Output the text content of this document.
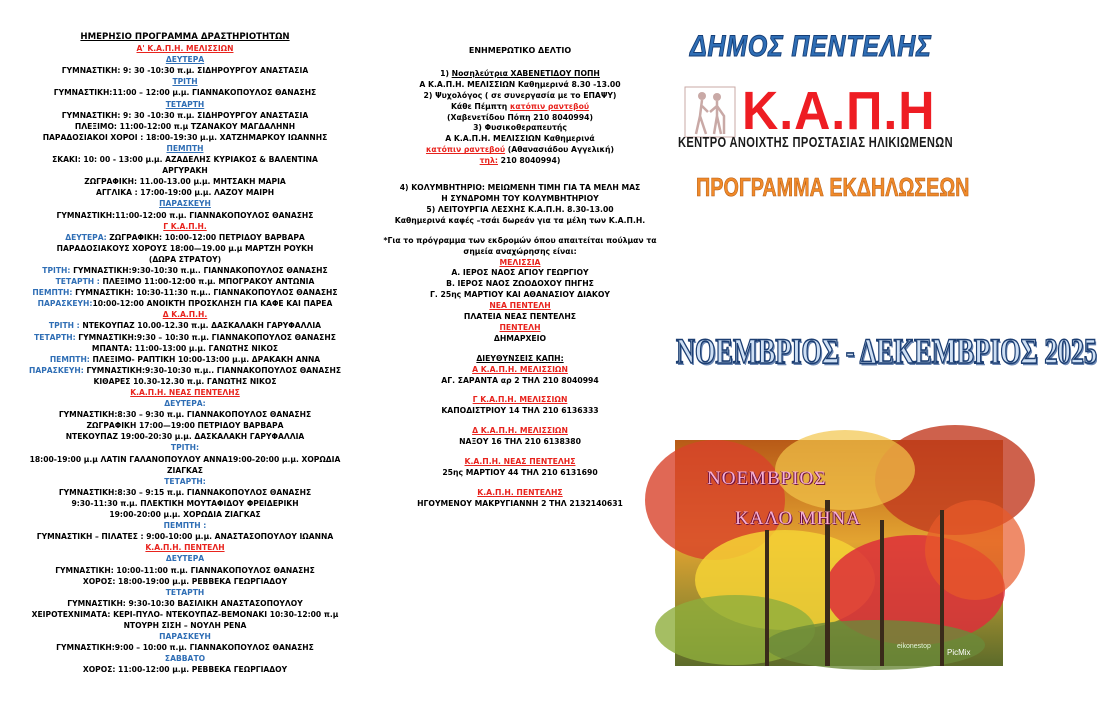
ΗΜΕΡΗΣΙΟ ΠΡΟΓΡΑΜΜΑ ΔΡΑΣΤΗΡΙΟΤΗΤΩΝ
Α' Κ.Α.Π.Η. ΜΕΛΙΣΣΙΩΝ
ΔΕΥΤΕΡΑ
ΓΥΜΝΑΣΤΙΚΗ: 9: 30 -10:30 π.μ. ΣΙΔΗΡΟΥΡΓΟΥ ΑΝΑΣΤΑΣΙΑ
ΤΡΙΤΗ
ΓΥΜΝΑΣΤΙΚΗ:11:00 – 12:00 μ.μ. ΓΙΑΝΝΑΚΟΠΟΥΛΟΣ ΘΑΝΑΣΗΣ
ΤΕΤΑΡΤΗ
ΓΥΜΝΑΣΤΙΚΗ: 9: 30 -10:30 π.μ. ΣΙΔΗΡΟΥΡΓΟΥ ΑΝΑΣΤΑΣΙΑ
ΠΛΕΞΙΜΟ: 11:00-12:00 π.μ ΤΖΑΝΑΚΟΥ ΜΑΓΔΑΛΗΝΗ
ΠΑΡΑΔΟΣΙΑΚΟΙ ΧΟΡΟΙ : 18:00-19:30 μ.μ. ΧΑΤΖΗΜΑΡΚΟΥ ΙΩΑΝΝΗΣ
ΠΕΜΠΤΗ
ΣΚΑΚΙ: 10: 00 - 13:00 μ.μ. ΑΖΑΔΕΛΗΣ ΚΥΡΙΑΚΟΣ & ΒΑΛΕΝΤΙΝΑ
ΑΡΓΥΡΑΚΗ
ΖΩΓΡΑΦΙΚΗ: 11.00-13.00 μ.μ. ΜΗΤΣΑΚΗ ΜΑΡΙΑ
ΑΓΓΛΙΚΑ : 17:00-19:00 μ.μ. ΛΑΖΟΥ ΜΑΙΡΗ
ΠΑΡΑΣΚΕΥΗ
ΓΥΜΝΑΣΤΙΚΗ:11:00-12:00 π.μ. ΓΙΑΝΝΑΚΟΠΟΥΛΟΣ ΘΑΝΑΣΗΣ
Γ Κ.Α.Π.Η.
ΔΕΥΤΕΡΑ: ΖΩΓΡΑΦΙΚΗ: 10:00-12:00 ΠΕΤΡΙΔΟΥ ΒΑΡΒΑΡΑ
ΠΑΡΑΔΟΣΙΑΚΟΥΣ ΧΟΡΟΥΣ 18:00—19.00 μ.μ ΜΑΡΤΖΗ ΡΟΥΚΗ
(ΔΩΡΑ ΣΤΡΑΤΟΥ)
ΤΡΙΤΗ: ΓΥΜΝΑΣΤΙΚΗ:9:30-10:30 π.μ.. ΓΙΑΝΝΑΚΟΠΟΥΛΟΣ ΘΑΝΑΣΗΣ
ΤΕΤΑΡΤΗ : ΠΛΕΞΙΜΟ 11:00-12:00 π.μ. ΜΠΟΓΡΑΚΟΥ ΑΝΤΩΝΙΑ
ΠΕΜΠΤΗ: ΓΥΜΝΑΣΤΙΚΗ: 10:30-11:30 π.μ.. ΓΙΑΝΝΑΚΟΠΟΥΛΟΣ ΘΑΝΑΣΗΣ
ΠΑΡΑΣΚΕΥΗ:10:00-12:00 ΑΝΟΙΚΤΗ ΠΡΟΣΚΛΗΣΗ ΓΙΑ ΚΑΦΕ ΚΑΙ ΠΑΡΕΑ
Δ Κ.Α.Π.Η.
ΤΡΙΤΗ : ΝΤΕΚΟΥΠΑΖ 10.00-12.30 π.μ. ΔΑΣΚΑΛΑΚΗ ΓΑΡΥΦΑΛΛΙΑ
ΤΕΤΑΡΤΗ: ΓΥΜΝΑΣΤΙΚΗ:9:30 – 10:30 π.μ. ΓΙΑΝΝΑΚΟΠΟΥΛΟΣ ΘΑΝΑΣΗΣ
ΜΠΑΝΤΑ: 11:00-13:00 μ.μ. ΓΑΝΩΤΗΣ ΝΙΚΟΣ
ΠΕΜΠΤΗ: ΠΛΕΞΙΜΟ- ΡΑΠΤΙΚΗ 10:00-13:00 μ.μ. ΔΡΑΚΑΚΗ ΑΝΝΑ
ΠΑΡΑΣΚΕΥΗ: ΓΥΜΝΑΣΤΙΚΗ:9:30-10:30 π.μ.. ΓΙΑΝΝΑΚΟΠΟΥΛΟΣ ΘΑΝΑΣΗΣ
ΚΙΘΑΡΕΣ 10.30-12.30 π.μ. ΓΑΝΩΤΗΣ ΝΙΚΟΣ
Κ.Α.Π.Η. ΝΕΑΣ ΠΕΝΤΕΛΗΣ
ΔΕΥΤΕΡΑ:
ΓΥΜΝΑΣΤΙΚΗ:8:30 – 9:30 π.μ. ΓΙΑΝΝΑΚΟΠΟΥΛΟΣ ΘΑΝΑΣΗΣ
ΖΩΓΡΑΦΙΚΗ 17:00—19:00 ΠΕΤΡΙΔΟΥ ΒΑΡΒΑΡΑ
ΝΤΕΚΟΥΠΑΖ 19:00-20:30 μ.μ. ΔΑΣΚΑΛΑΚΗ ΓΑΡΥΦΑΛΛΙΑ
ΤΡΙΤΗ:
18:00-19:00 μ.μ ΛΑΤΙΝ ΓΑΛΑΝΟΠΟΥΛΟΥ ΑΝΝΑ19:00-20:00 μ.μ. ΧΟΡΩΔΙΑ
ΖΙΑΓΚΑΣ
ΤΕΤΑΡΤΗ:
ΓΥΜΝΑΣΤΙΚΗ:8:30 – 9:15 π.μ. ΓΙΑΝΝΑΚΟΠΟΥΛΟΣ ΘΑΝΑΣΗΣ
9:30-11:30 π.μ. ΠΛΕΚΤΙΚΗ ΜΟΥΤΑΦΙΔΟΥ ΦΡΕΙΔΕΡΙΚΗ
19:00-20:00 μ.μ. ΧΟΡΩΔΙΑ ΖΙΑΓΚΑΣ
ΠΕΜΠΤΗ :
ΓΥΜΝΑΣΤΙΚΗ – ΠΙΛΑΤΕΣ : 9:00-10:00 μ.μ. ΑΝΑΣΤΑΣΟΠΟΥΛΟΥ ΙΩΑΝΝΑ
Κ.Α.Π.Η. ΠΕΝΤΕΛΗ
ΔΕΥΤΕΡΑ
ΓΥΜΝΑΣΤΙΚΗ: 10:00-11:00 π.μ. ΓΙΑΝΝΑΚΟΠΟΥΛΟΣ ΘΑΝΑΣΗΣ
ΧΟΡΟΣ: 18:00-19:00 μ.μ. ΡΕΒΒΕΚΑ ΓΕΩΡΓΙΑΔΟΥ
ΤΕΤΑΡΤΗ
ΓΥΜΝΑΣΤΙΚΗ: 9:30-10:30 ΒΑΣΙΛΙΚΗ ΑΝΑΣΤΑΣΟΠΟΥΛΟΥ
ΧΕΙΡΟΤΕΧΝΙΜΑΤΑ: ΚΕΡΙ-ΠΥΛΟ- ΝΤΕΚΟΥΠΑΖ-ΒΕΜΟΝΑΚΙ 10:30-12:00 π.μ
ΝΤΟΥΡΗ ΣΙΣΗ – ΝΟΥΛΗ ΡΕΝΑ
ΠΑΡΑΣΚΕΥΗ
ΓΥΜΝΑΣΤΙΚΗ:9:00 – 10:00 π.μ. ΓΙΑΝΝΑΚΟΠΟΥΛΟΣ ΘΑΝΑΣΗΣ
ΣΑΒΒΑΤΟ
ΧΟΡΟΣ: 11:00-12:00 μ.μ. ΡΕΒΒΕΚΑ ΓΕΩΡΓΙΑΔΟΥ
ΕΝΗΜΕΡΩΤΙΚΟ ΔΕΛΤΙΟ
1) Νοσηλεύτρια ΧΑΒΕΝΕΤΙΔΟΥ ΠΟΠΗ
Α Κ.Α.Π.Η. ΜΕΛΙΣΣΙΩΝ Καθημερινά 8.30 -13.00
2) Ψυχολόγος ( σε συνεργασία με το ΕΠΑΨΥ)
Κάθε Πέμπτη κατόπιν ραντεβού
(Χαβενετίδου Πόπη 210 8040994)
3) Φυσικοθεραπευτής
Α Κ.Α.Π.Η. ΜΕΛΙΣΣΙΩΝ Καθημερινά
κατόπιν ραντεβού (Αθανασιάδου Αγγελική)
τηλ: 210 8040994)
4) ΚΟΛΥΜΒΗΤΗΡΙΟ: ΜΕΙΩΜΕΝΗ ΤΙΜΗ ΓΙΑ ΤΑ ΜΕΛΗ ΜΑΣ
Η ΣΥΝΔΡΟΜΗ ΤΟΥ ΚΟΛΥΜΒΗΤΗΡΙΟΥ
5) ΛΕΙΤΟΥΡΓΙΑ ΛΕΣΧΗΣ Κ.Α.Π.Η. 8.30-13.00
Καθημερινά καφές –τσάι δωρεάν για τα μέλη των Κ.Α.Π.Η.
*Για το πρόγραμμα των εκδρομών όπου απαιτείται πούλμαν τα
σημεία αναχώρησης είναι:
ΜΕΛΙΣΣΙΑ
Α. ΙΕΡΟΣ ΝΑΟΣ ΑΓΙΟΥ ΓΕΩΡΓΙΟΥ
Β. ΙΕΡΟΣ ΝΑΟΣ ΖΩΟΔΟΧΟΥ ΠΗΓΗΣ
Γ. 25ης ΜΑΡΤΙΟΥ ΚΑΙ ΑΘΑΝΑΣΙΟΥ ΔΙΑΚΟΥ
ΝΕΑ ΠΕΝΤΕΛΗ
ΠΛΑΤΕΙΑ ΝΕΑΣ ΠΕΝΤΕΛΗΣ
ΠΕΝΤΕΛΗ
ΔΗΜΑΡΧΕΙΟ
ΔΙΕΥΘΥΝΣΕΙΣ ΚΑΠΗ:
Α Κ.Α.Π.Η. ΜΕΛΙΣΣΙΩΝ
ΑΓ. ΣΑΡΑΝΤΑ αρ 2 ΤΗΛ 210 8040994
Γ Κ.Α.Π.Η. ΜΕΛΙΣΣΙΩΝ
ΚΑΠΟΔΙΣΤΡΙΟΥ 14 ΤΗΛ 210 6136333
Δ Κ.Α.Π.Η. ΜΕΛΙΣΣΙΩΝ
ΝΑΞΟΥ 16 ΤΗΛ 210 6138380
Κ.Α.Π.Η. ΝΕΑΣ ΠΕΝΤΕΛΗΣ
25ης ΜΑΡΤΙΟΥ 44 ΤΗΛ 210 6131690
Κ.Α.Π.Η. ΠΕΝΤΕΛΗΣ
ΗΓΟΥΜΕΝΟΥ ΜΑΚΡΥΓΙΑΝΝΗ 2 ΤΗΛ 2132140631
ΔΗΜΟΣ ΠΕΝΤΕΛΗΣ
Κ.Α.Π.Η
ΚΕΝΤΡΟ ΑΝΟΙΧΤΗΣ ΠΡΟΣΤΑΣΙΑΣ ΗΛΙΚΙΩΜΕΝΩΝ
ΠΡΟΓΡΑΜΜΑ ΕΚΔΗΛΩΣΕΩΝ
ΝΟΕΜΒΡΙΟΣ - ΔΕΚΕΜΒΡΙΟΣ 2025
ΝΟΕΜΒΡΙΟΣ
ΚΑΛΟ ΜΗΝΑ
eikonestop
PicMix
